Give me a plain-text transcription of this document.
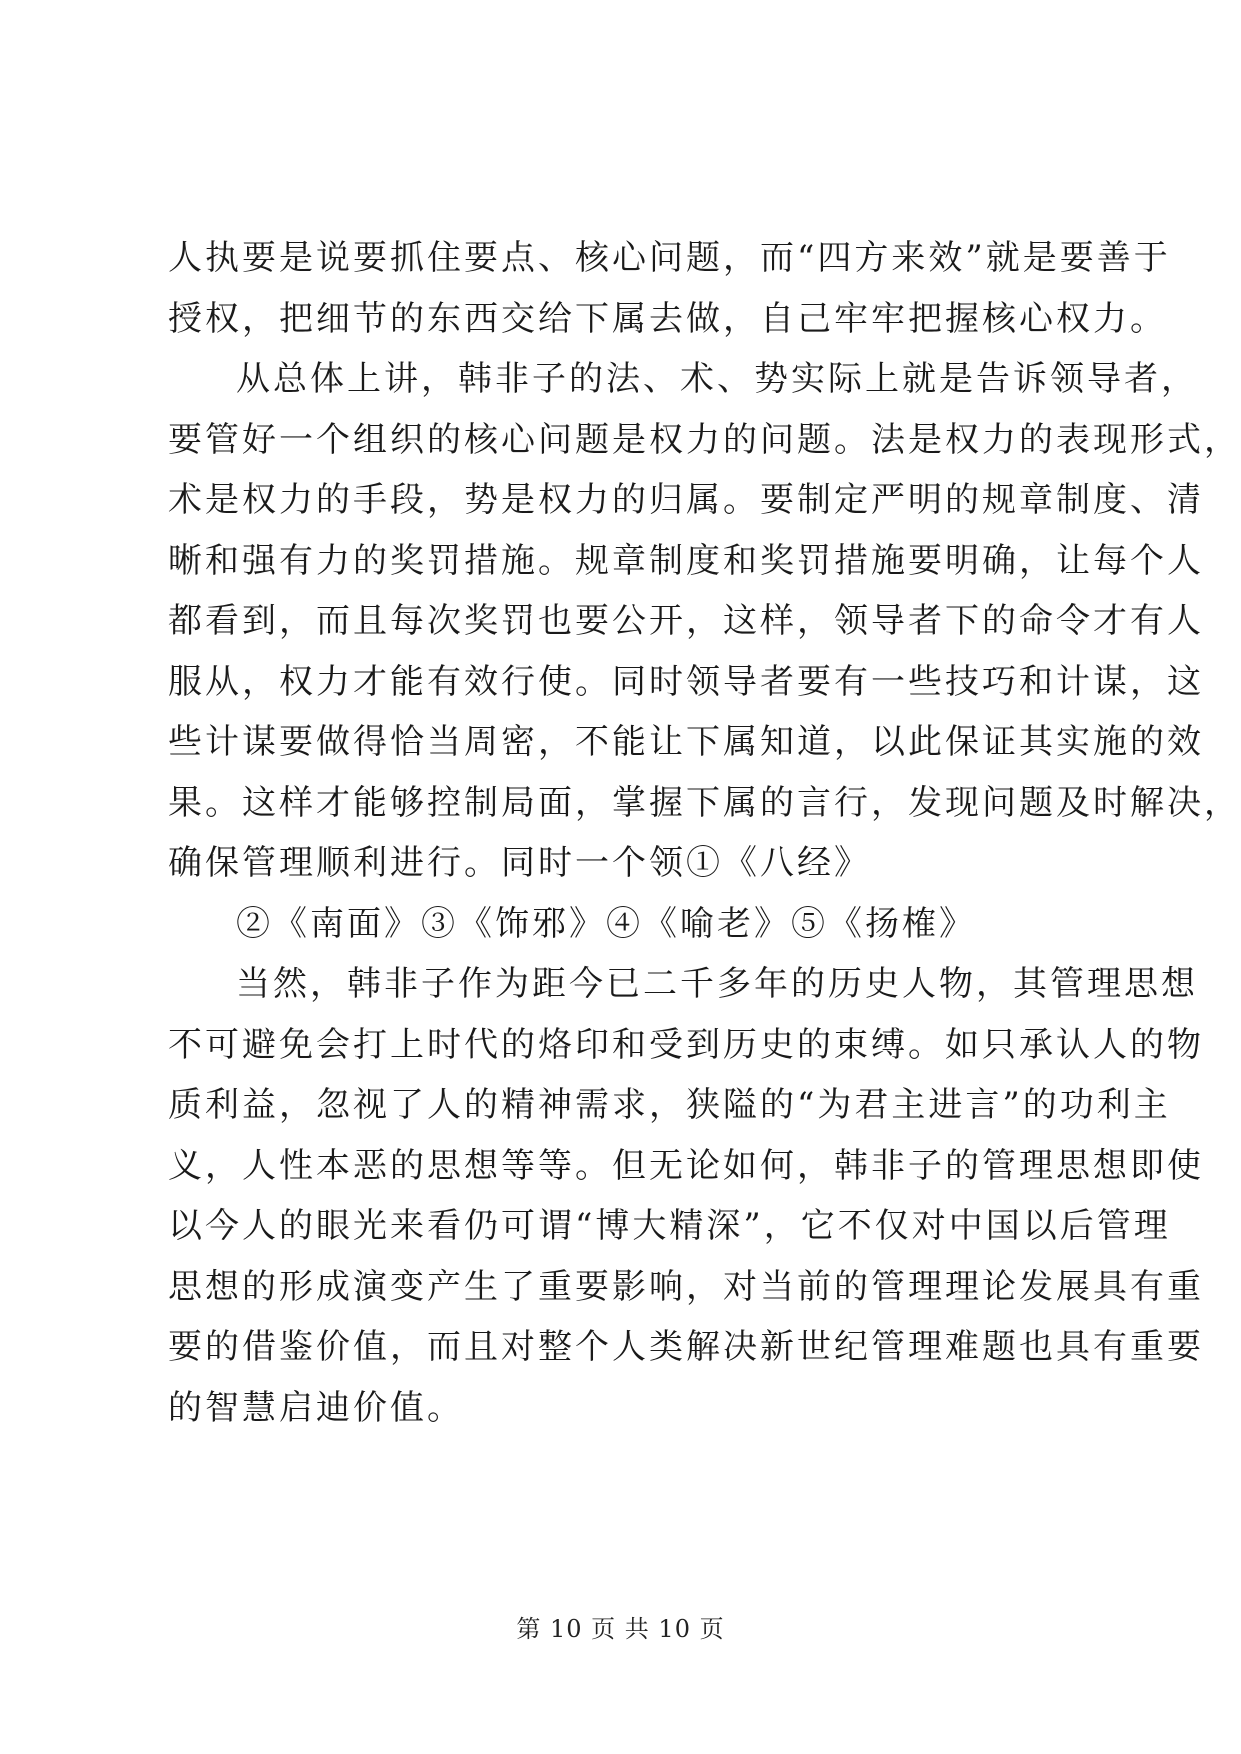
人执要是说要抓住要点、核心问题，而“四方来效”就是要善于
授权，把细节的东西交给下属去做，自己牢牢把握核心权力。

从总体上讲，韩非子的法、术、势实际上就是告诉领导者，
要管好一个组织的核心问题是权力的问题。法是权力的表现形式，
术是权力的手段，势是权力的归属。要制定严明的规章制度、清
晰和强有力的奖罚措施。规章制度和奖罚措施要明确，让每个人
都看到，而且每次奖罚也要公开，这样，领导者下的命令才有人
服从，权力才能有效行使。同时领导者要有一些技巧和计谋，这
些计谋要做得恰当周密，不能让下属知道，以此保证其实施的效
果。这样才能够控制局面，掌握下属的言行，发现问题及时解决，
确保管理顺利进行。同时一个领①《八经》

②《南面》③《饰邪》④《喻老》⑤《扬榷》

当然，韩非子作为距今已二千多年的历史人物，其管理思想
不可避免会打上时代的烙印和受到历史的束缚。如只承认人的物
质利益，忽视了人的精神需求，狭隘的“为君主进言”的功利主
义，人性本恶的思想等等。但无论如何，韩非子的管理思想即使
以今人的眼光来看仍可谓“博大精深”，它不仅对中国以后管理
思想的形成演变产生了重要影响，对当前的管理理论发展具有重
要的借鉴价值，而且对整个人类解决新世纪管理难题也具有重要
的智慧启迪价值。

第 10 页 共 10 页
